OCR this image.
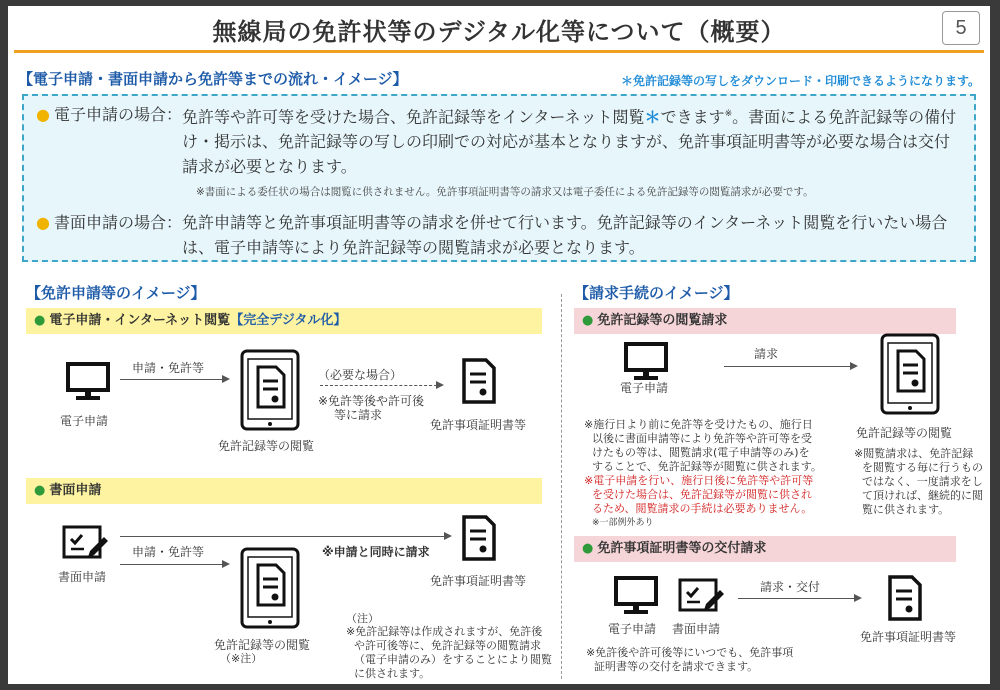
無線局の免許状等のデジタル化等について（概要）	5
【電子申請・書面申請から免許等までの流れ・イメージ】	＊免許記録等の写しをダウンロード・印刷できるようになります。
● 電子申請の場合： 免許等や許可等を受けた場合、免許記録等をインターネット閲覧＊できます※。書面による免許記録等の備付け・掲示は、免許記録等の写しの印刷での対応が基本となりますが、免許事項証明書等が必要な場合は交付請求が必要となります。
※書面による委任状の場合は閲覧に供されません。免許事項証明書等の請求又は電子委任による免許記録等の閲覧請求が必要です。
● 書面申請の場合： 免許申請等と免許事項証明書等の請求を併せて行います。免許記録等のインターネット閲覧を行いたい場合は、電子申請等により免許記録等の閲覧請求が必要となります。
【免許申請等のイメージ】
● 電子申請・インターネット閲覧【完全デジタル化】
電子申請
申請・免許等
免許記録等の閲覧
（必要な場合）
※免許等後や許可後
等に請求
免許事項証明書等
● 書面申請
書面申請
申請・免許等	※申請と同時に請求
免許事項証明書等
免許記録等の閲覧
（※注）
（注）
※免許記録等は作成されますが、免許後
や許可後等に、免許記録等の閲覧請求
（電子申請のみ）をすることにより閲覧
に供されます。
【請求手続のイメージ】
● 免許記録等の閲覧請求
電子申請
請求
免許記録等の閲覧
※施行日より前に免許等を受けたもの、施行日
以後に書面申請等により免許等や許可等を受
けたもの等は、閲覧請求(電子申請等のみ)を
することで、免許記録等が閲覧に供されます。
※電子申請を行い、施行日後に免許等や許可等
を受けた場合は、免許記録等が閲覧に供され
るため、閲覧請求の手続は必要ありません。
※一部例外あり
※閲覧請求は、免許記録
を閲覧する毎に行うもの
ではなく、一度請求をし
て頂ければ、継続的に閲
覧に供されます。
● 免許事項証明書等の交付請求
電子申請 書面申請
請求・交付
免許事項証明書等
※免許後や許可後等にいつでも、免許事項
証明書等の交付を請求できます。
